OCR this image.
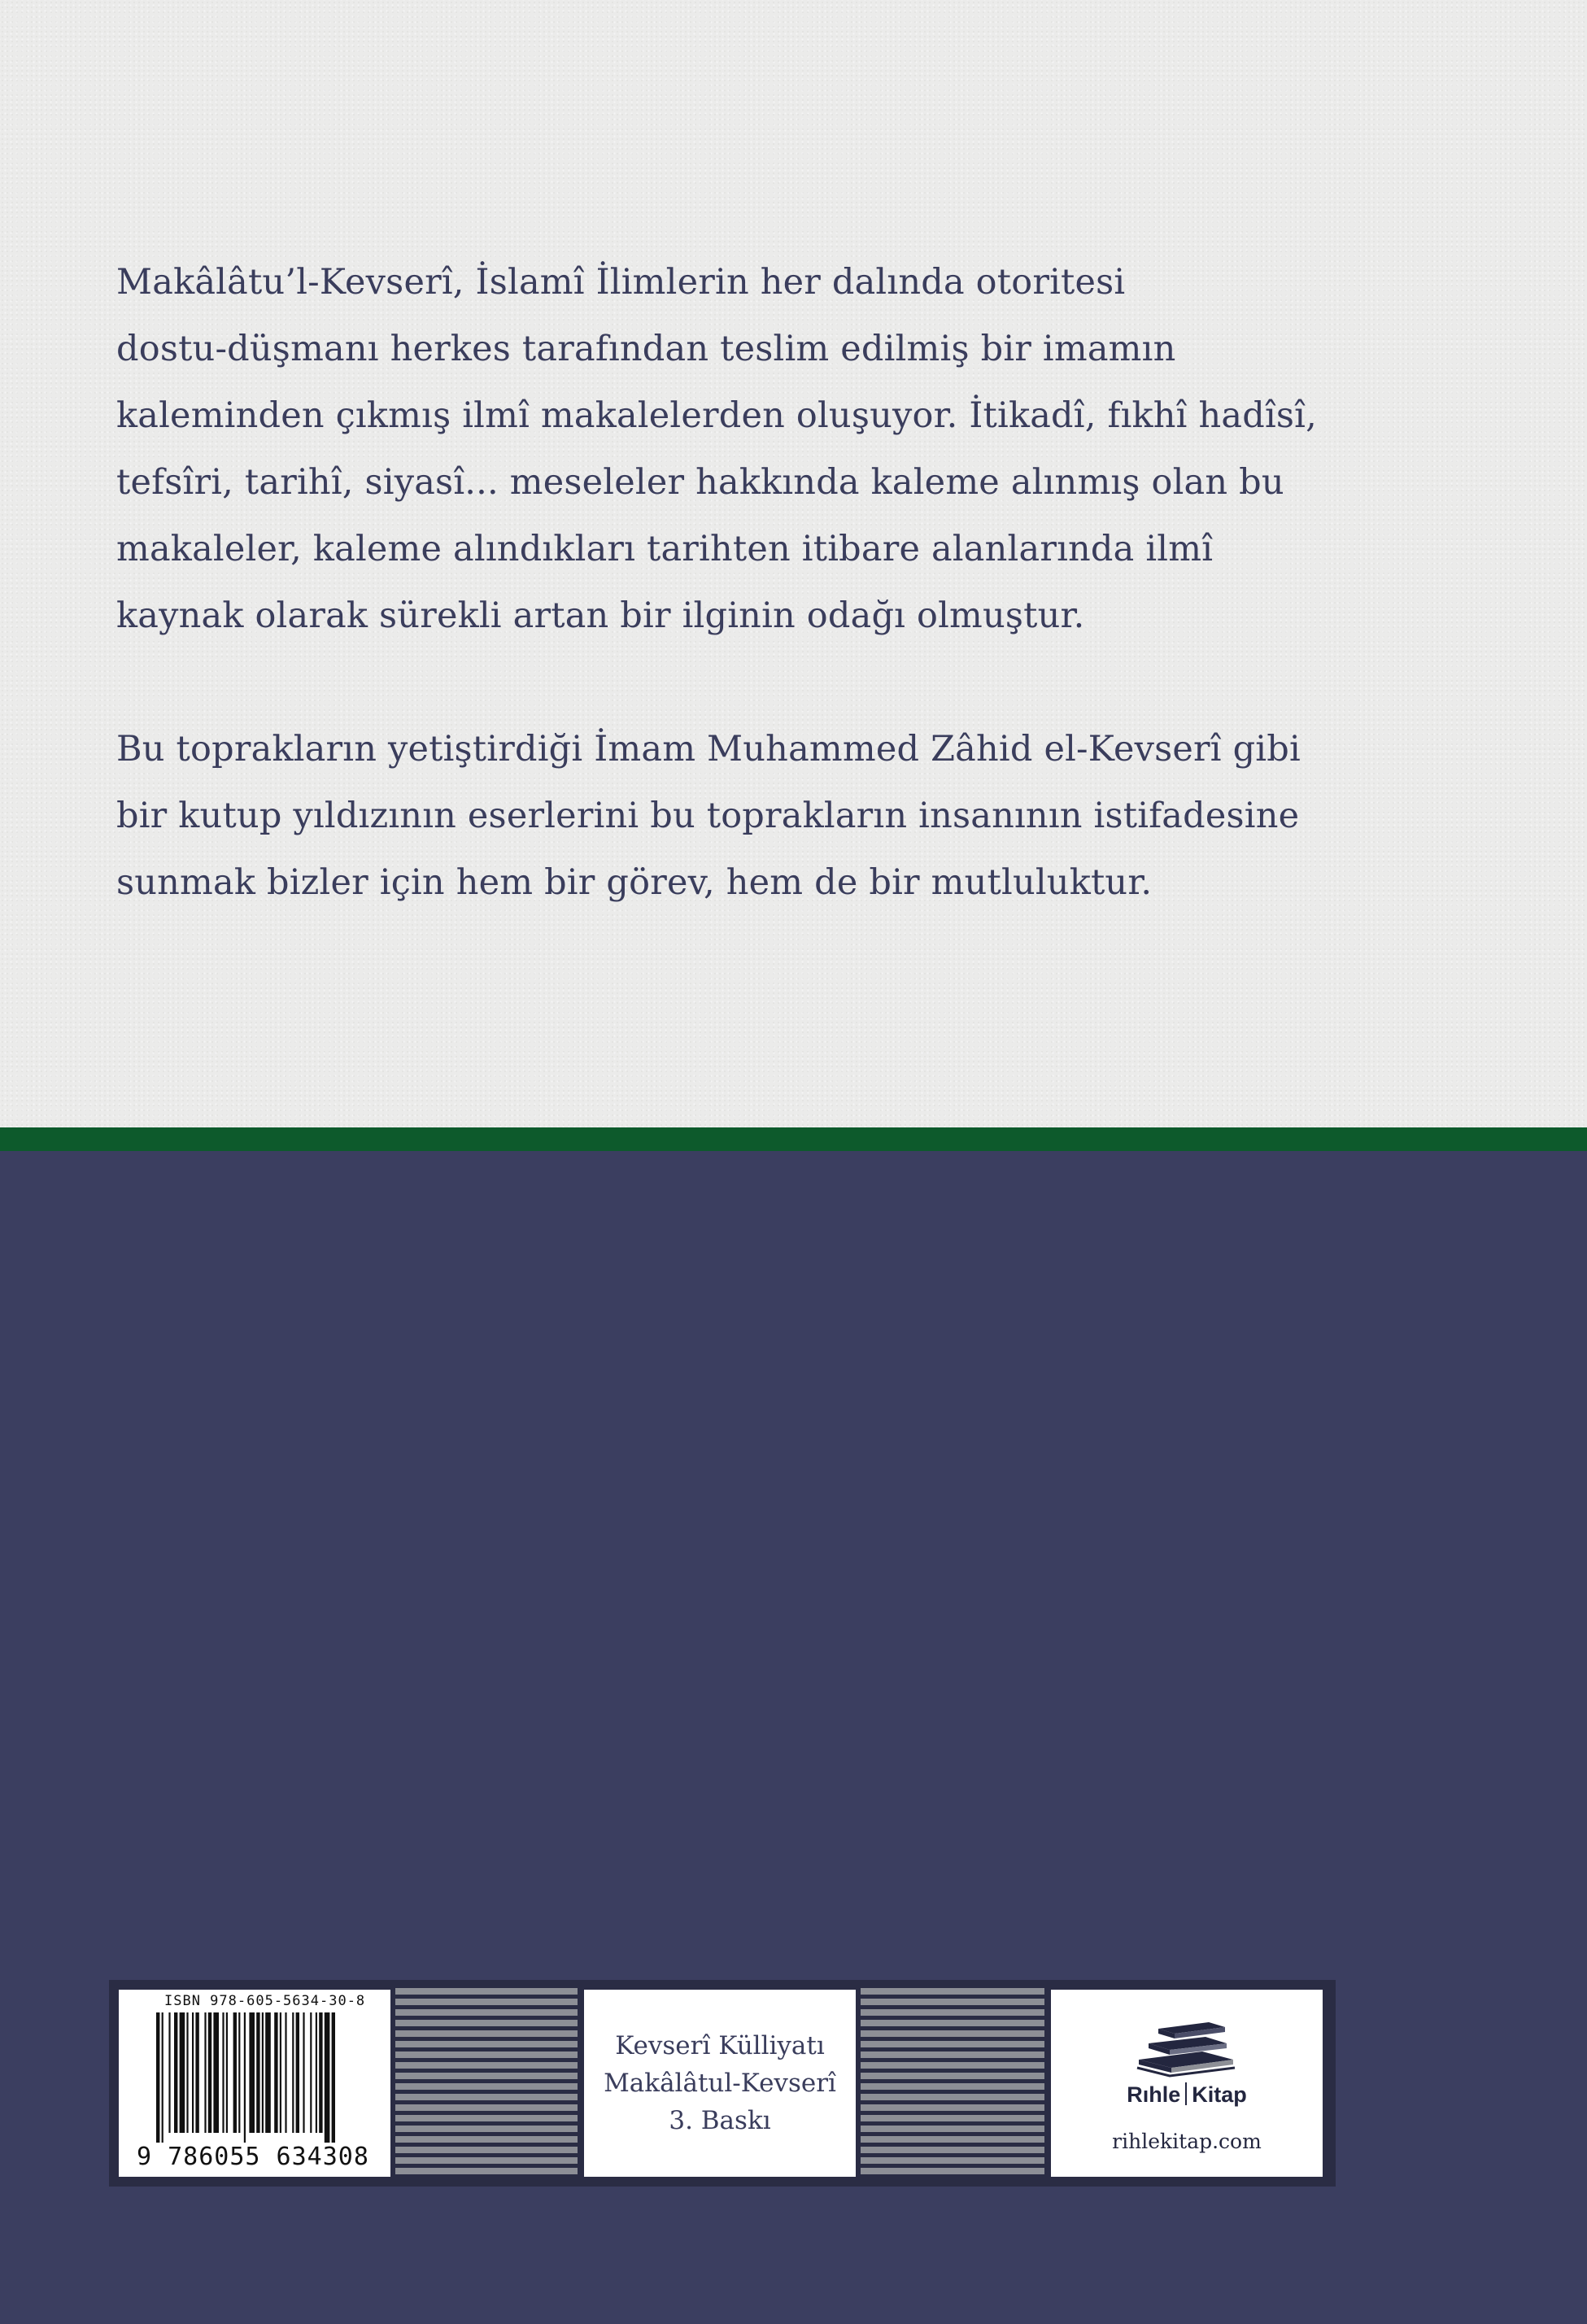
Makâlâtu’l-Kevserî, İslamî İlimlerin her dalında otoritesi
dostu-düşmanı herkes tarafından teslim edilmiş bir imamın
kaleminden çıkmış ilmî makalelerden oluşuyor. İtikadî, fıkhî hadîsî,
tefsîri, tarihî, siyasî... meseleler hakkında kaleme alınmış olan bu
makaleler, kaleme alındıkları tarihten itibare alanlarında ilmî
kaynak olarak sürekli artan bir ilginin odağı olmuştur.

Bu toprakların yetiştirdiği İmam Muhammed Zâhid el-Kevserî gibi
bir kutup yıldızının eserlerini bu toprakların insanının istifadesine
sunmak bizler için hem bir görev, hem de bir mutluluktur.

ISBN 978-605-5634-30-8
9 786055 634308
Kevserî Külliyatı
Makâlâtul-Kevserî
3. Baskı
Rıhle Kitap
rihlekitap.com
